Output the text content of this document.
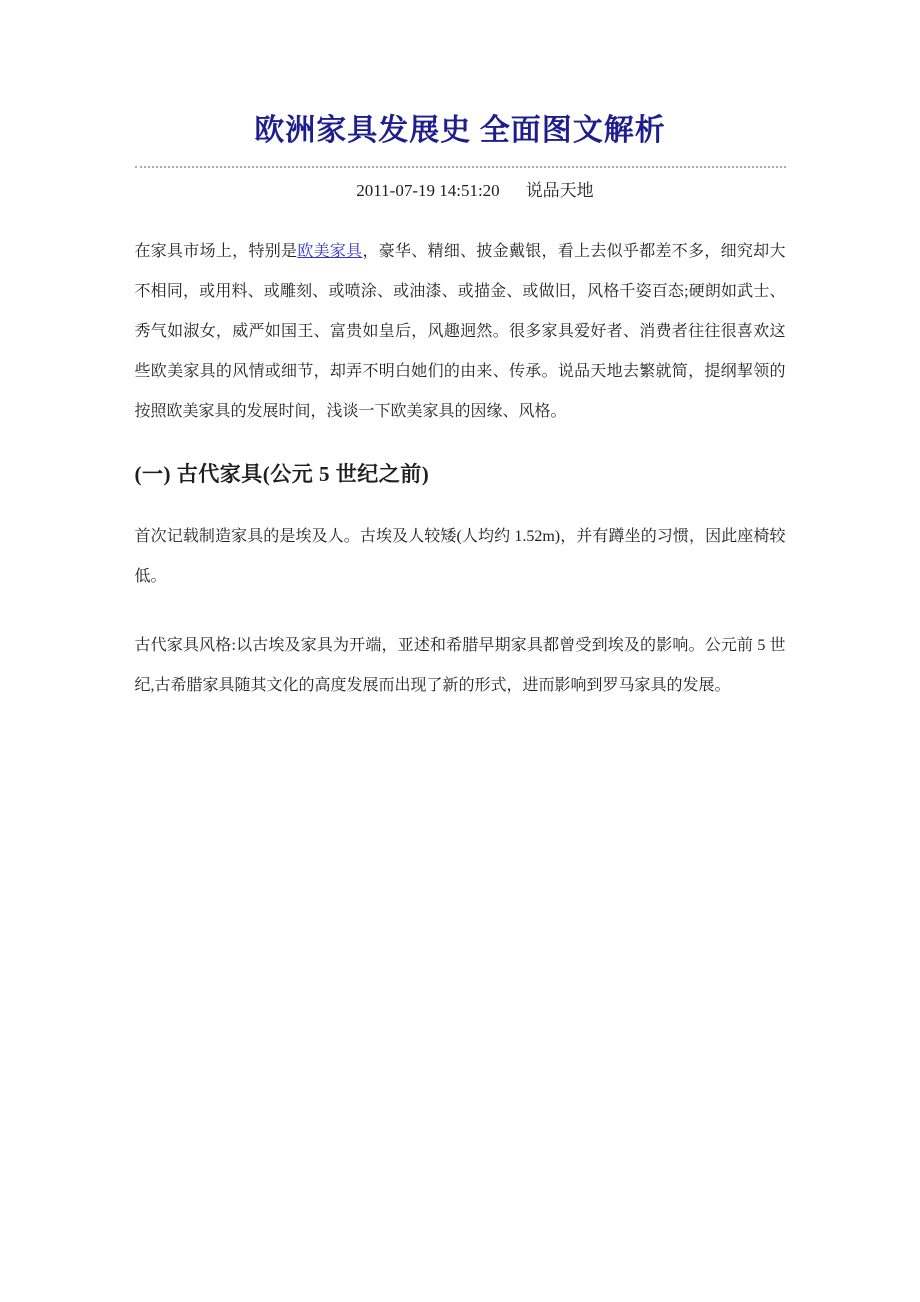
欧洲家具发展史 全面图文解析
2011-07-19 14:51:20 说品天地

在家具市场上，特别是欧美家具，豪华、精细、披金戴银，看上去似乎都差不多，细究却大不相同，或用料、或雕刻、或喷涂、或油漆、或描金、或做旧，风格千姿百态;硬朗如武士、秀气如淑女，威严如国王、富贵如皇后，风趣迥然。很多家具爱好者、消费者往往很喜欢这些欧美家具的风情或细节，却弄不明白她们的由来、传承。说品天地去繁就简，提纲挈领的按照欧美家具的发展时间，浅谈一下欧美家具的因缘、风格。

(一) 古代家具(公元 5 世纪之前)

首次记载制造家具的是埃及人。古埃及人较矮(人均约 1.52m)，并有蹲坐的习惯，因此座椅较低。

古代家具风格:以古埃及家具为开端，亚述和希腊早期家具都曾受到埃及的影响。公元前 5 世纪,古希腊家具随其文化的高度发展而出现了新的形式，进而影响到罗马家具的发展。
